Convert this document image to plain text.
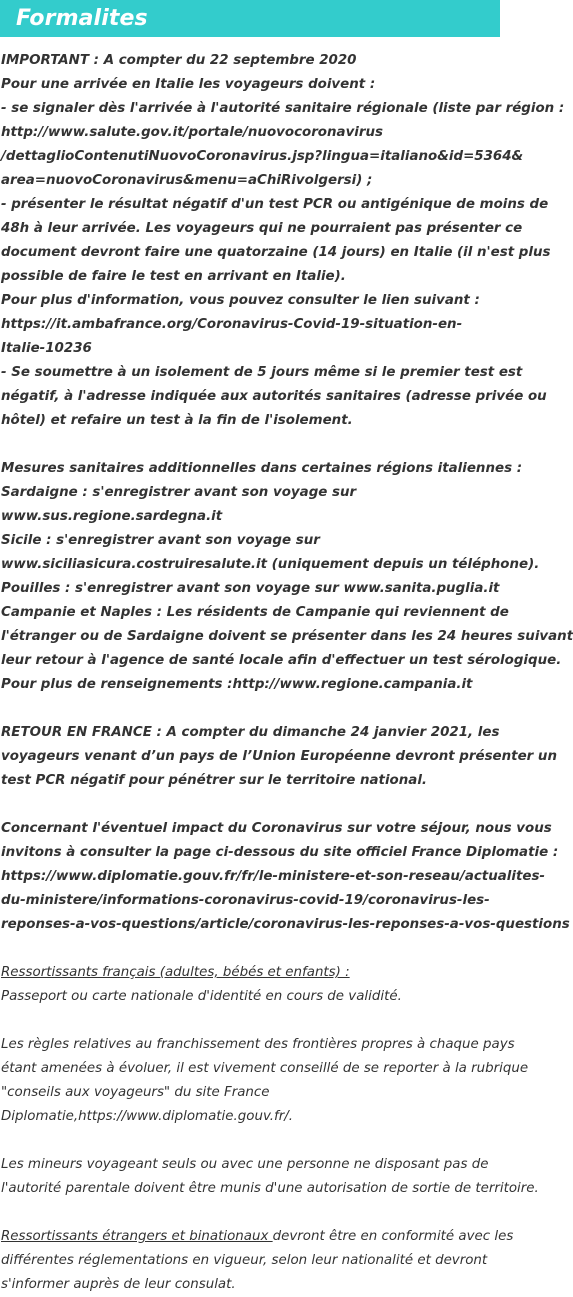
Formalites
IMPORTANT : A compter du 22 septembre 2020
Pour une arrivée en Italie les voyageurs doivent :
- se signaler dès l'arrivée à l'autorité sanitaire régionale (liste par région :
http://www.salute.gov.it/portale/nuovocoronavirus
/dettaglioContenutiNuovoCoronavirus.jsp?lingua=italiano&id=5364&
area=nuovoCoronavirus&menu=aChiRivolgersi) ;
- présenter le résultat négatif d'un test PCR ou antigénique de moins de
48h à leur arrivée. Les voyageurs qui ne pourraient pas présenter ce
document devront faire une quatorzaine (14 jours) en Italie (il n'est plus
possible de faire le test en arrivant en Italie).
Pour plus d'information, vous pouvez consulter le lien suivant :
https://it.ambafrance.org/Coronavirus-Covid-19-situation-en-
Italie-10236
- Se soumettre à un isolement de 5 jours même si le premier test est
négatif, à l'adresse indiquée aux autorités sanitaires (adresse privée ou
hôtel) et refaire un test à la fin de l'isolement.
Mesures sanitaires additionnelles dans certaines régions italiennes :
Sardaigne : s'enregistrer avant son voyage sur
www.sus.regione.sardegna.it
Sicile : s'enregistrer avant son voyage sur
www.siciliasicura.costruiresalute.it (uniquement depuis un téléphone).
Pouilles : s'enregistrer avant son voyage sur www.sanita.puglia.it
Campanie et Naples : Les résidents de Campanie qui reviennent de
l'étranger ou de Sardaigne doivent se présenter dans les 24 heures suivant
leur retour à l'agence de santé locale afin d'effectuer un test sérologique.
Pour plus de renseignements :http://www.regione.campania.it
RETOUR EN FRANCE : A compter du dimanche 24 janvier 2021, les
voyageurs venant d’un pays de l’Union Européenne devront présenter un
test PCR négatif pour pénétrer sur le territoire national.
Concernant l'éventuel impact du Coronavirus sur votre séjour, nous vous
invitons à consulter la page ci-dessous du site officiel France Diplomatie :
https://www.diplomatie.gouv.fr/fr/le-ministere-et-son-reseau/actualites-
du-ministere/informations-coronavirus-covid-19/coronavirus-les-
reponses-a-vos-questions/article/coronavirus-les-reponses-a-vos-questions
Ressortissants français (adultes, bébés et enfants) :
Passeport ou carte nationale d'identité en cours de validité.
Les règles relatives au franchissement des frontières propres à chaque pays
étant amenées à évoluer, il est vivement conseillé de se reporter à la rubrique
"conseils aux voyageurs" du site France
Diplomatie,https://www.diplomatie.gouv.fr/.
Les mineurs voyageant seuls ou avec une personne ne disposant pas de
l'autorité parentale doivent être munis d'une autorisation de sortie de territoire.
Ressortissants étrangers et binationaux devront être en conformité avec les
différentes réglementations en vigueur, selon leur nationalité et devront
s'informer auprès de leur consulat.
